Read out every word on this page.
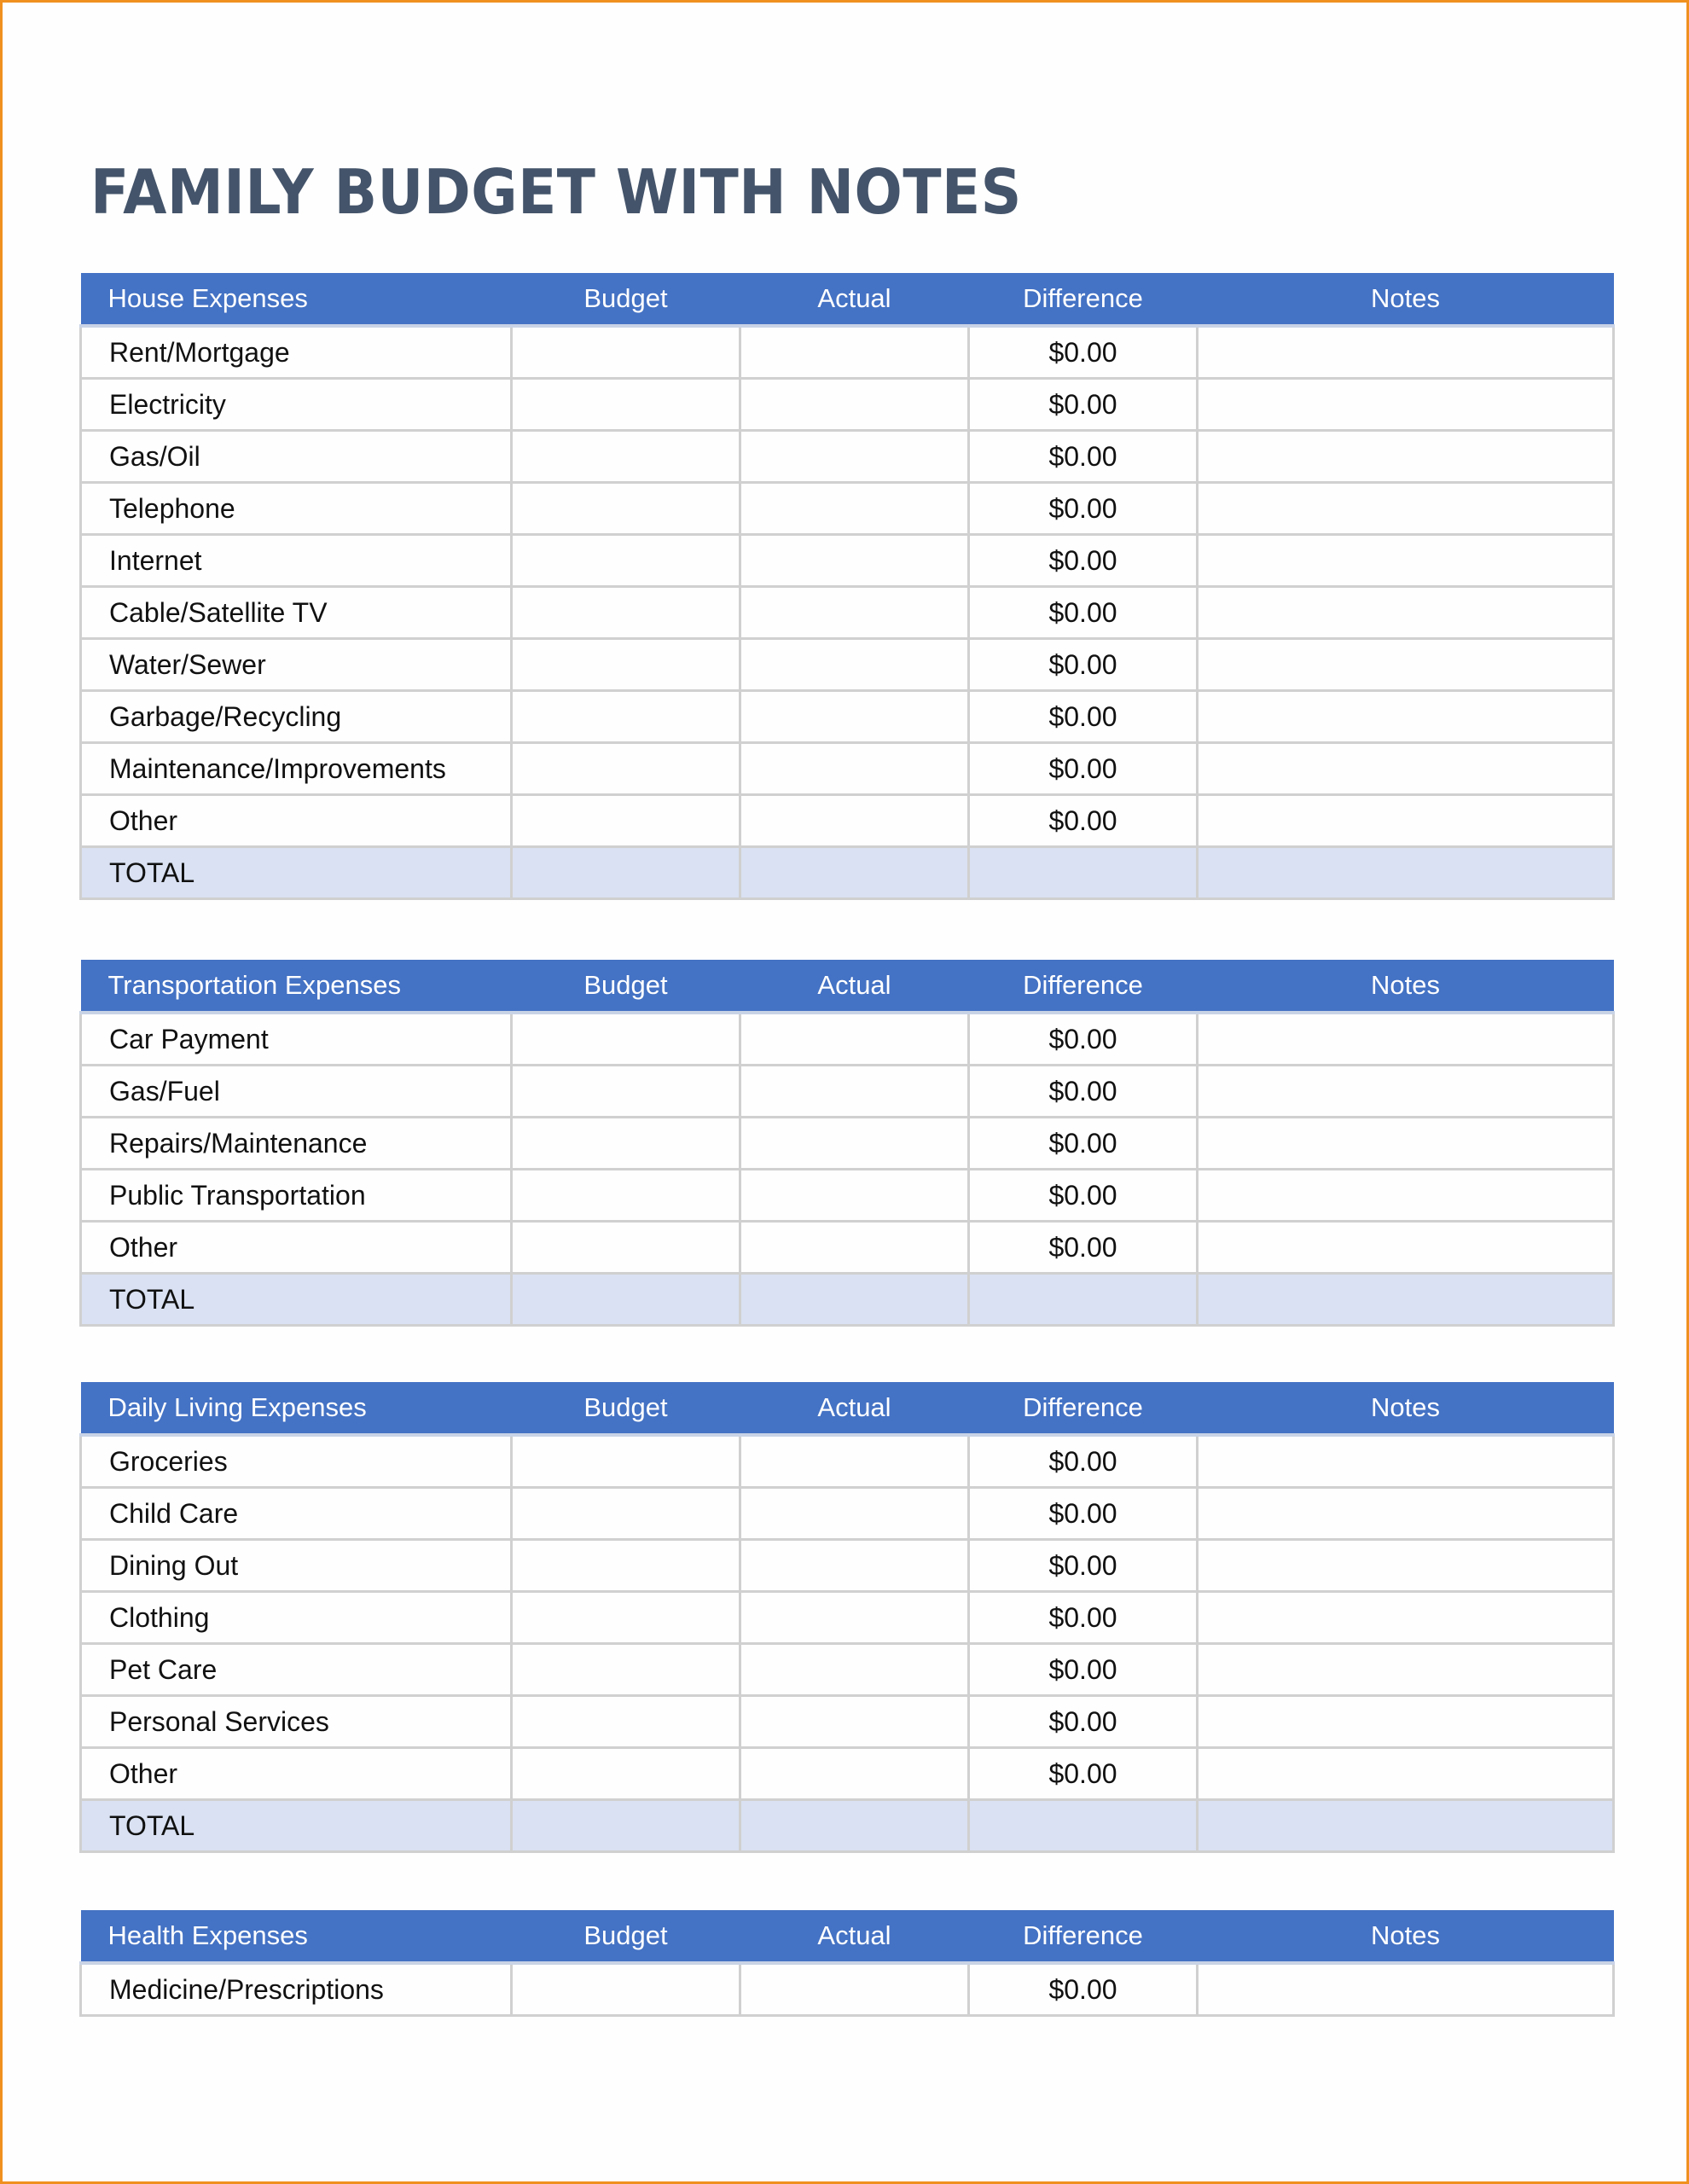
FAMILY BUDGET WITH NOTES
House Expenses	Budget	Actual	Difference	Notes
Rent/Mortgage			$0.00	
Electricity			$0.00	
Gas/Oil			$0.00	
Telephone			$0.00	
Internet			$0.00	
Cable/Satellite TV			$0.00	
Water/Sewer			$0.00	
Garbage/Recycling			$0.00	
Maintenance/Improvements			$0.00	
Other			$0.00	
TOTAL				
Transportation Expenses	Budget	Actual	Difference	Notes
Car Payment			$0.00	
Gas/Fuel			$0.00	
Repairs/Maintenance			$0.00	
Public Transportation			$0.00	
Other			$0.00	
TOTAL				
Daily Living Expenses	Budget	Actual	Difference	Notes
Groceries			$0.00	
Child Care			$0.00	
Dining Out			$0.00	
Clothing			$0.00	
Pet Care			$0.00	
Personal Services			$0.00	
Other			$0.00	
TOTAL				
Health Expenses	Budget	Actual	Difference	Notes
Medicine/Prescriptions			$0.00	
